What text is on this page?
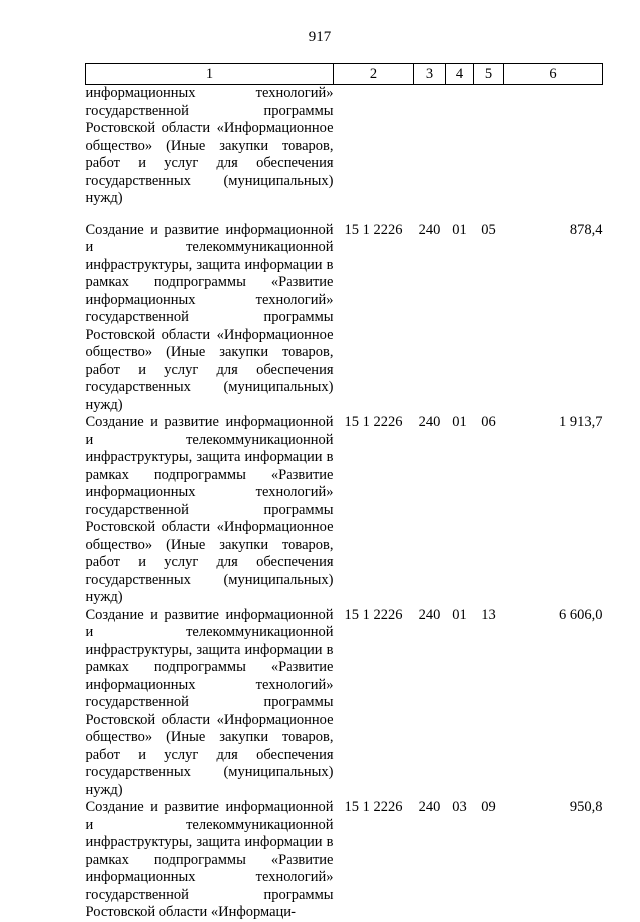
917
1	2	3	4	5	6
информационных технологий» государственной программы Ростовской области «Информационное общество» (Иные закупки товаров, работ и услуг для обеспечения государственных (муниципальных) нужд)					
Создание и развитие информационной и телекоммуникационной инфраструктуры, защита информации в рамках подпрограммы «Развитие информационных технологий» государственной программы Ростовской области «Информационное общество» (Иные закупки товаров, работ и услуг для обеспечения государственных (муниципальных) нужд)	15 1 2226	240	01	05	878,4
Создание и развитие информационной и телекоммуникационной инфраструктуры, защита информации в рамках подпрограммы «Развитие информационных технологий» государственной программы Ростовской области «Информационное общество» (Иные закупки товаров, работ и услуг для обеспечения государственных (муниципальных) нужд)	15 1 2226	240	01	06	1 913,7
Создание и развитие информационной и телекоммуникационной инфраструктуры, защита информации в рамках подпрограммы «Развитие информационных технологий» государственной программы Ростовской области «Информационное общество» (Иные закупки товаров, работ и услуг для обеспечения государственных (муниципальных) нужд)	15 1 2226	240	01	13	6 606,0
Создание и развитие информационной и телекоммуникационной инфраструктуры, защита информации в рамках подпрограммы «Развитие информационных технологий» государственной программы Ростовской области «Информаци-	15 1 2226	240	03	09	950,8
